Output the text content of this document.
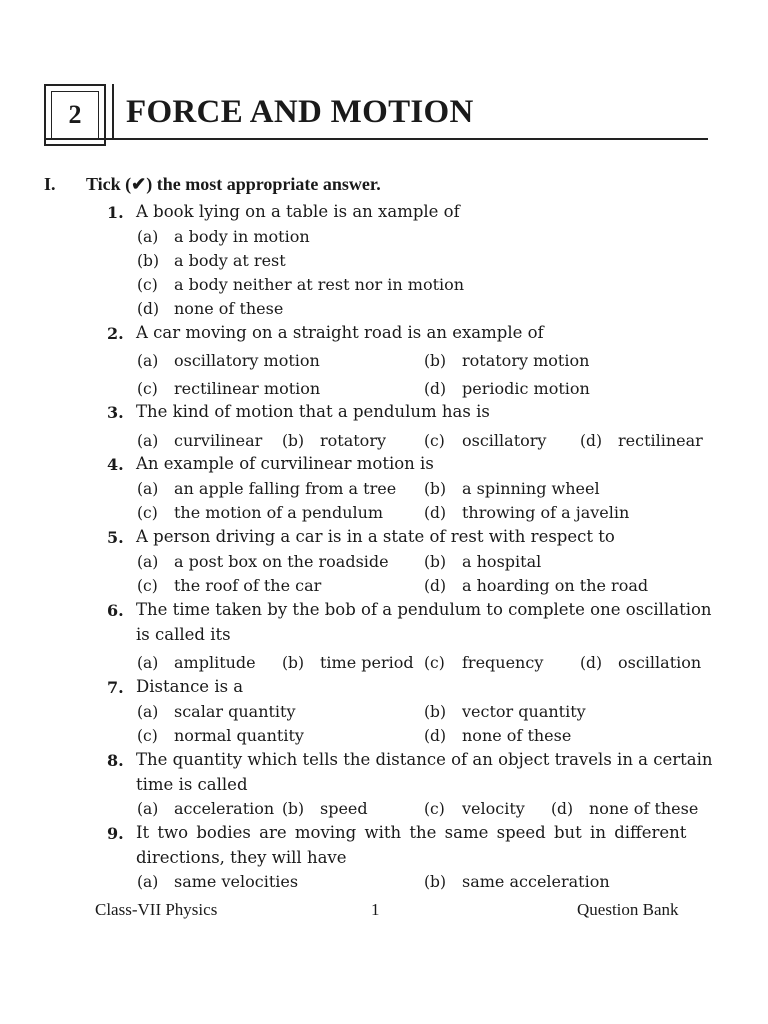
2	FORCE AND MOTION
I. Tick (✔) the most appropriate answer.
1. A book lying on a table is an xample of
(a) a body in motion
(b) a body at rest
(c) a body neither at rest nor in motion
(d) none of these
2. A car moving on a straight road is an example of
(a) oscillatory motion	(b) rotatory motion
(c) rectilinear motion	(d) periodic motion
3. The kind of motion that a pendulum has is
(a) curvilinear (b) rotatory (c) oscillatory (d) rectilinear
4. An example of curvilinear motion is
(a) an apple falling from a tree (b) a spinning wheel
(c) the motion of a pendulum	(d) throwing of a javelin
5. A person driving a car is in a state of rest with respect to
(a) a post box on the roadside (b) a hospital
(c) the roof of the car	(d) a hoarding on the road
6. The time taken by the bob of a pendulum to complete one oscillation
is called its
(a) amplitude (b) time period (c) frequency (d) oscillation
7. Distance is a
(a) scalar quantity	(b) vector quantity
(c) normal quantity	(d) none of these
8. The quantity which tells the distance of an object travels in a certain
time is called
(a) acceleration (b) speed	(c) velocity (d) none of these
9. It two bodies are moving with the same speed but in different
directions, they will have
(a) same velocities	(b) same acceleration
Class-VII Physics	1	Question Bank
